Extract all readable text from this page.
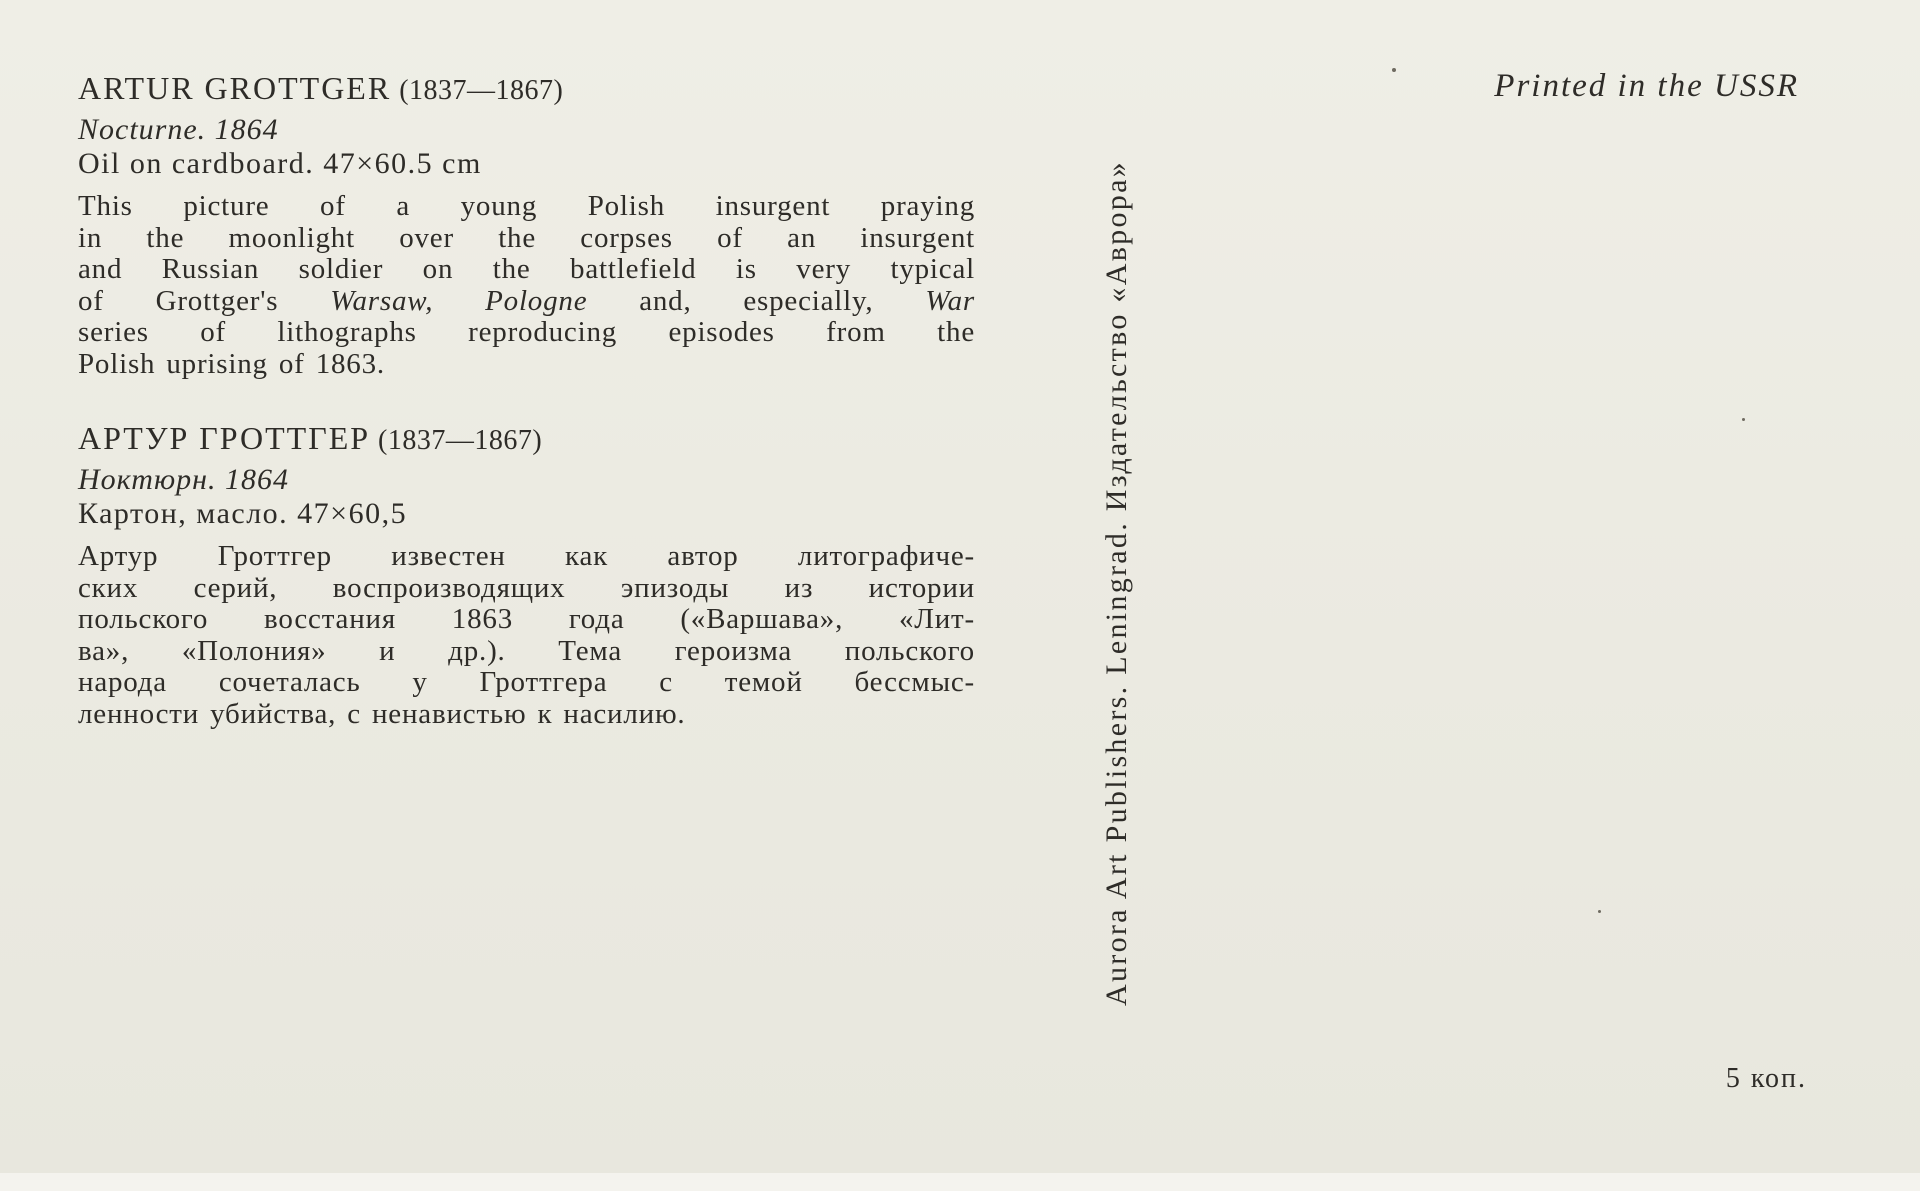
ARTUR GROTTGER (1837—1867)
Nocturne. 1864
Oil on cardboard. 47×60.5 cm
This picture of a young Polish insurgent praying
in the moonlight over the corpses of an insurgent
and Russian soldier on the battlefield is very typical
of Grottger's Warsaw, Pologne and, especially, War
series of lithographs reproducing episodes from the
Polish uprising of 1863.
АРТУР ГРОТТГЕР (1837—1867)
Ноктюрн. 1864
Картон, масло. 47×60,5
Артур Гроттгер известен как автор литографиче-
ских серий, воспроизводящих эпизоды из истории
польского восстания 1863 года («Варшава», «Лит-
ва», «Полония» и др.). Тема героизма польского
народа сочеталась у Гроттгера с темой бессмыс-
ленности убийства, с ненавистью к насилию.	Aurora Art Publishers. Leningrad. Издательство «Аврора»
Printed in the USSR
5 коп.
